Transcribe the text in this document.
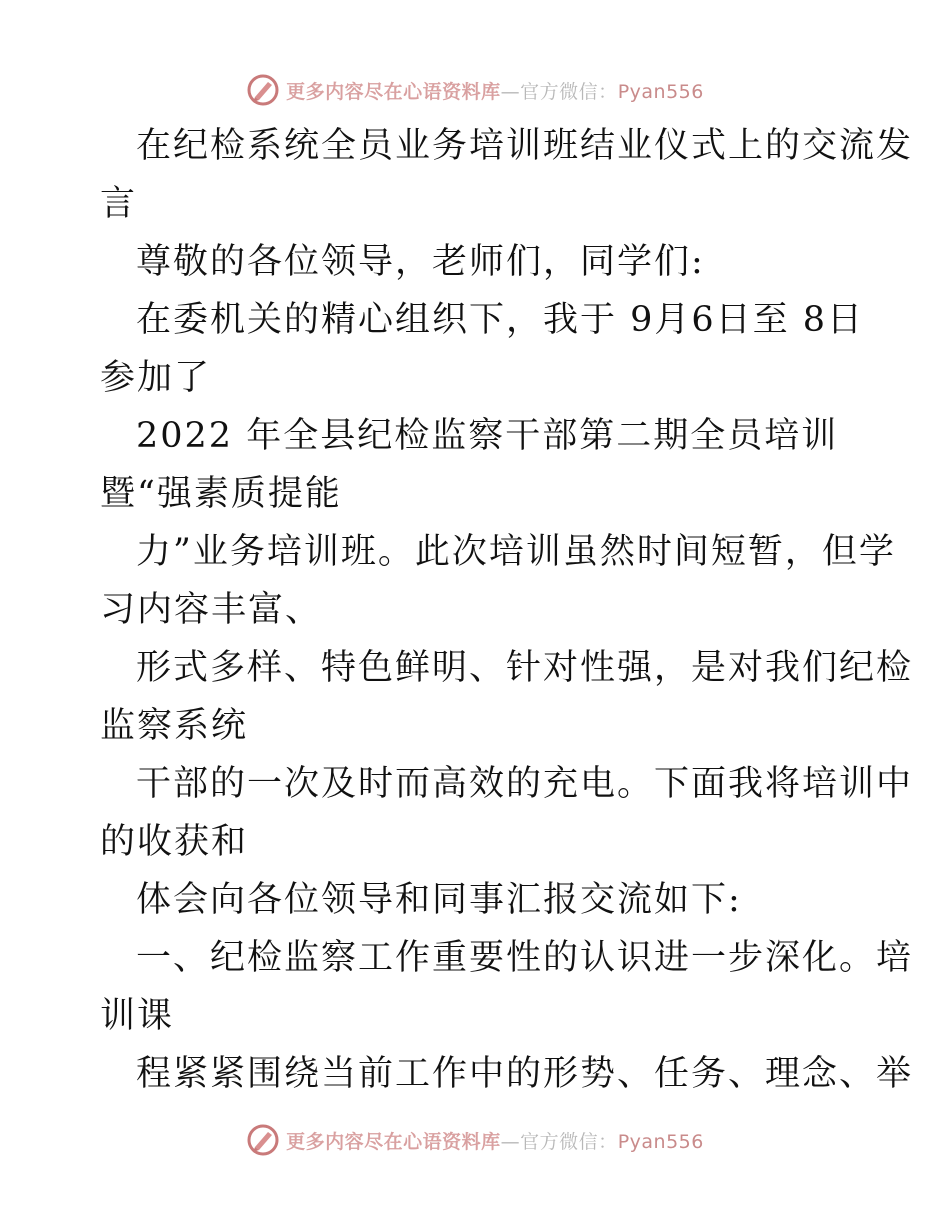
更多内容尽在心语资料库—官方微信：Pyan556
在纪检系统全员业务培训班结业仪式上的交流发
言
尊敬的各位领导，老师们，同学们:
在委机关的精心组织下，我于 9月6日至 8日
参加了
2022 年全县纪检监察干部第二期全员培训
暨“强素质提能
力”业务培训班。此次培训虽然时间短暂，但学
习内容丰富、
形式多样、特色鲜明、针对性强，是对我们纪检
监察系统
干部的一次及时而高效的充电。下面我将培训中
的收获和
体会向各位领导和同事汇报交流如下:
一、纪检监察工作重要性的认识进一步深化。培
训课
程紧紧围绕当前工作中的形势、任务、理念、举
更多内容尽在心语资料库—官方微信：Pyan556
